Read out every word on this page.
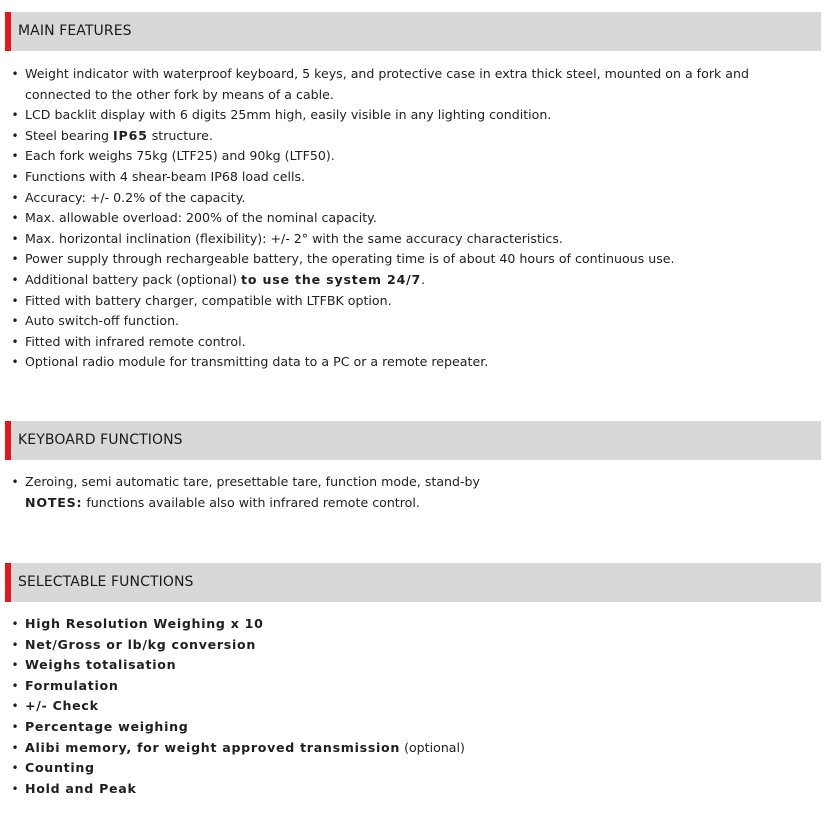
MAIN FEATURES
• Weight indicator with waterproof keyboard, 5 keys, and protective case in extra thick steel, mounted on a fork and connected to the other fork by means of a cable.
• LCD backlit display with 6 digits 25mm high, easily visible in any lighting condition.
• Steel bearing IP65 structure.
• Each fork weighs 75kg (LTF25) and 90kg (LTF50).
• Functions with 4 shear-beam IP68 load cells.
• Accuracy: +/- 0.2% of the capacity.
• Max. allowable overload: 200% of the nominal capacity.
• Max. horizontal inclination (flexibility): +/- 2° with the same accuracy characteristics.
• Power supply through rechargeable battery, the operating time is of about 40 hours of continuous use.
• Additional battery pack (optional) to use the system 24/7.
• Fitted with battery charger, compatible with LTFBK option.
• Auto switch-off function.
• Fitted with infrared remote control.
• Optional radio module for transmitting data to a PC or a remote repeater.
KEYBOARD FUNCTIONS
• Zeroing, semi automatic tare, presettable tare, function mode, stand-by
NOTES: functions available also with infrared remote control.
SELECTABLE FUNCTIONS
• High Resolution Weighing x 10
• Net/Gross or lb/kg conversion
• Weighs totalisation
• Formulation
• +/- Check
• Percentage weighing
• Alibi memory, for weight approved transmission (optional)
• Counting
• Hold and Peak
